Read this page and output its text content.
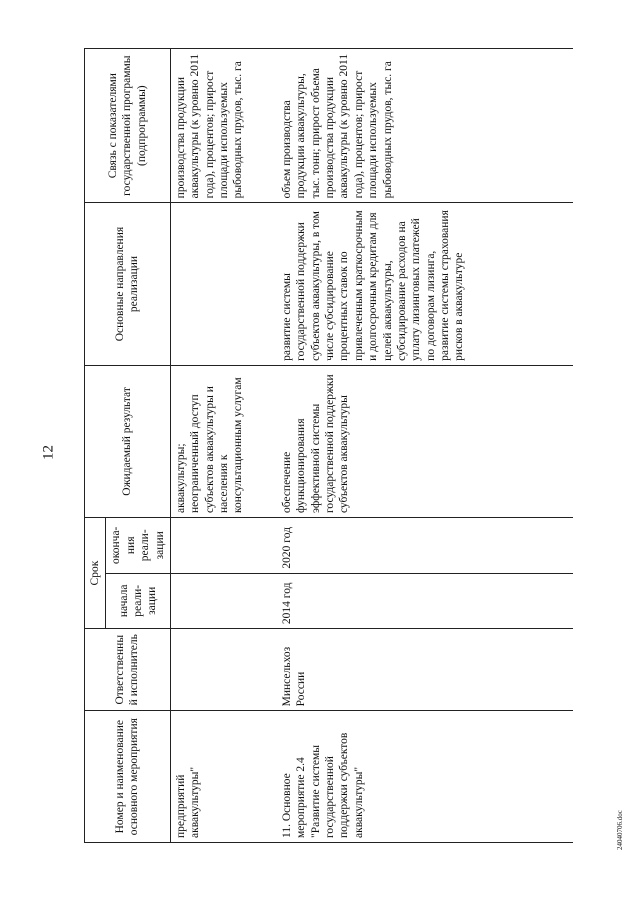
12
Номер и наименование основного мероприятия	Ответственный исполнитель	Срок		Ожидаемый результат	Основные направления реализации	Связь с показателями государственной программы (подпрограммы)
		начала реали-зации	оконча-ния реали-зации			
предприятий аквакультуры"				аквакультуры; неограниченный доступ субъектов аквакультуры и населения к консультационным услугам		производства продукции аквакультуры (к уровню 2011 года), процентов; прирост площади используемых рыбоводных прудов, тыс. га
11. Основное мероприятие 2.4 "Развитие системы государственной поддержки субъектов аквакультуры"	Минсельхоз России	2014 год	2020 год	обеспечение функционирования эффективной системы государственной поддержки субъектов аквакультуры	развитие системы государственной поддержки субъектов аквакультуры, в том числе субсидирование процентных ставок по привлеченным краткосрочным и долгосрочным кредитам для целей аквакультуры, субсидирование расходов на уплату лизинговых платежей по договорам лизинга, развитие системы страхования рисков в аквакультуре	объем производства продукции аквакультуры, тыс. тонн; прирост объема производства продукции аквакультуры (к уровню 2011 года), процентов; прирост площади используемых рыбоводных прудов, тыс. га
24040706.doc
